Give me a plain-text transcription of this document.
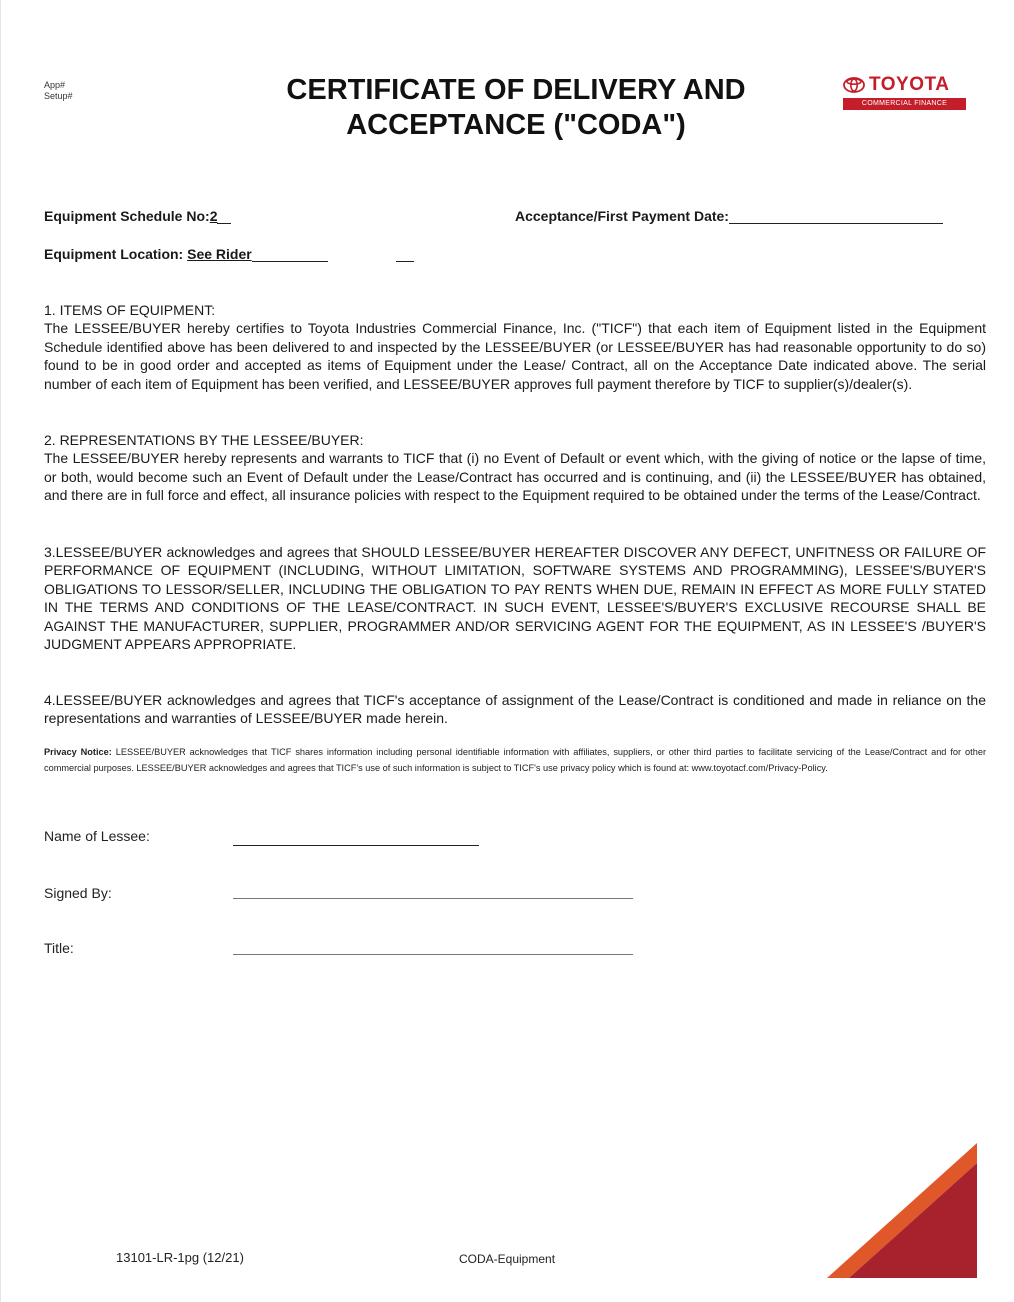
App#
Setup#	CERTIFICATE OF DELIVERY AND
ACCEPTANCE ("CODA")
TOYOTA
COMMERCIAL FINANCE
Equipment Schedule No:2	Acceptance/First Payment Date:
Equipment Location: See Rider
1. ITEMS OF EQUIPMENT:
The LESSEE/BUYER hereby certifies to Toyota Industries Commercial Finance, Inc. ("TICF") that each item of Equipment listed in the Equipment Schedule identified above has been delivered to and inspected by the LESSEE/BUYER (or LESSEE/BUYER has had reasonable opportunity to do so) found to be in good order and accepted as items of Equipment under the Lease/ Contract, all on the Acceptance Date indicated above. The serial number of each item of Equipment has been verified, and LESSEE/BUYER approves full payment therefore by TICF to supplier(s)/dealer(s).
2. REPRESENTATIONS BY THE LESSEE/BUYER:
The LESSEE/BUYER hereby represents and warrants to TICF that (i) no Event of Default or event which, with the giving of notice or the lapse of time, or both, would become such an Event of Default under the Lease/Contract has occurred and is continuing, and (ii) the LESSEE/BUYER has obtained, and there are in full force and effect, all insurance policies with respect to the Equipment required to be obtained under the terms of the Lease/Contract.
3.LESSEE/BUYER acknowledges and agrees that SHOULD LESSEE/BUYER HEREAFTER DISCOVER ANY DEFECT, UNFITNESS OR FAILURE OF PERFORMANCE OF EQUIPMENT (INCLUDING, WITHOUT LIMITATION, SOFTWARE SYSTEMS AND PROGRAMMING), LESSEE'S/BUYER'S OBLIGATIONS TO LESSOR/SELLER, INCLUDING THE OBLIGATION TO PAY RENTS WHEN DUE, REMAIN IN EFFECT AS MORE FULLY STATED IN THE TERMS AND CONDITIONS OF THE LEASE/CONTRACT. IN SUCH EVENT, LESSEE'S/BUYER'S EXCLUSIVE RECOURSE SHALL BE AGAINST THE MANUFACTURER, SUPPLIER, PROGRAMMER AND/OR SERVICING AGENT FOR THE EQUIPMENT, AS IN LESSEE'S /BUYER'S JUDGMENT APPEARS APPROPRIATE.
4.LESSEE/BUYER acknowledges and agrees that TICF's acceptance of assignment of the Lease/Contract is conditioned and made in reliance on the representations and warranties of LESSEE/BUYER made herein.
Privacy Notice: LESSEE/BUYER acknowledges that TICF shares information including personal identifiable information with affiliates, suppliers, or other third parties to facilitate servicing of the Lease/Contract and for other commercial purposes. LESSEE/BUYER acknowledges and agrees that TICF's use of such information is subject to TICF's use privacy policy which is found at: www.toyotacf.com/Privacy-Policy.
Name of Lessee:
Signed By:
Title:
13101-LR-1pg (12/21)	CODA-Equipment
